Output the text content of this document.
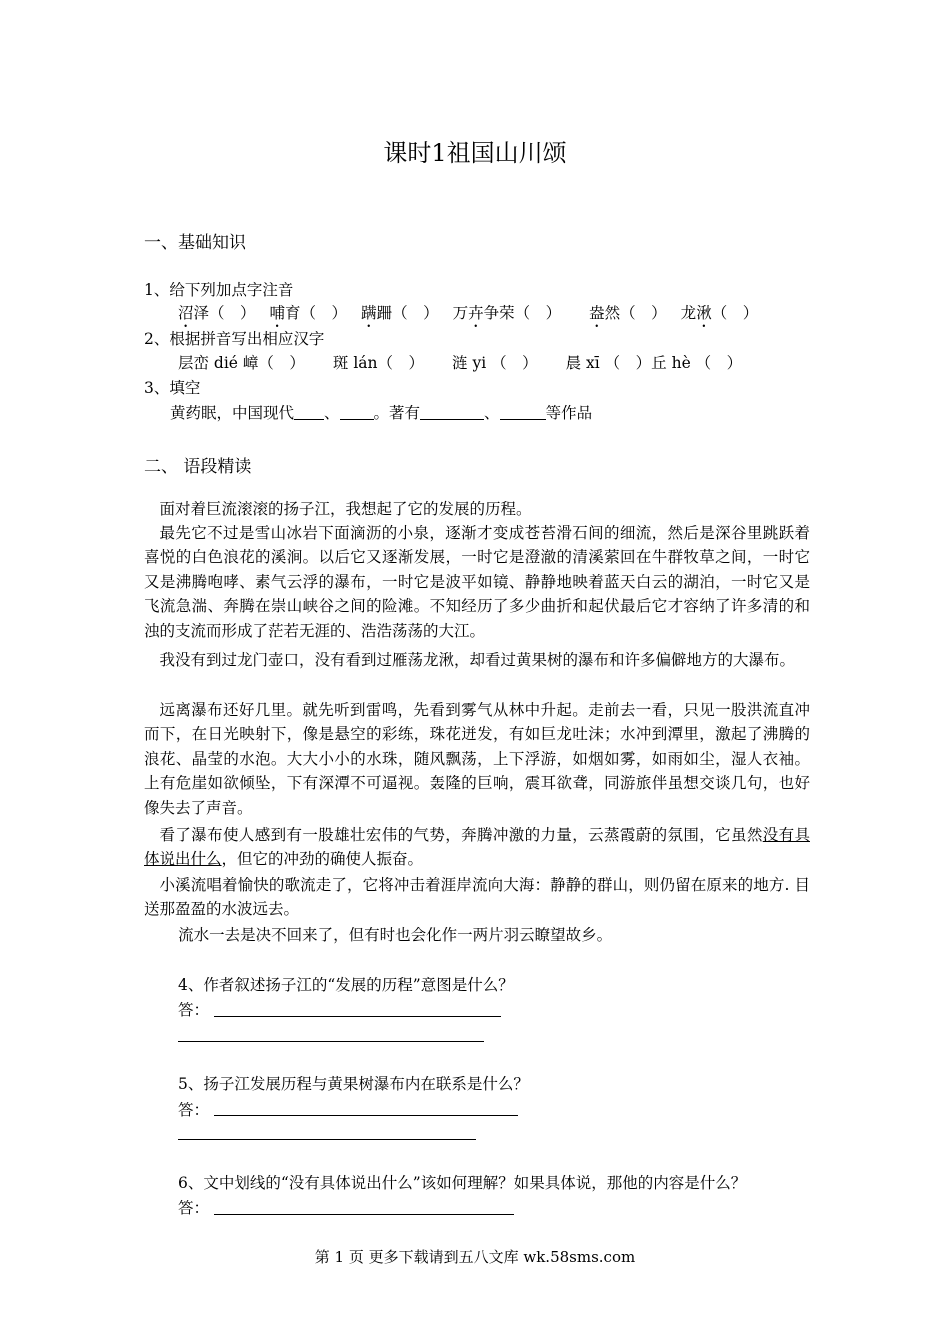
课时1祖国山川颂
一、基础知识
1、给下列加点字注音
沼泽（　） 哺育（　） 蹒跚（　） 万卉争荣（　） 盎然（　） 龙湫（　）
2、根据拼音写出相应汉字
层峦 dié 嶂（　） 斑 lán（　） 涟 yi （　） 晨 xī （　）丘 hè （　）
3、填空
黄药眠，中国现代 、 。著有	、	等作品
二、 语段精读
面对着巨流滚滚的扬子江，我想起了它的发展的历程。
最先它不过是雪山冰岩下面滴沥的小泉，逐渐才变成苍苔滑石间的细流，然后是深谷里跳跃着喜悦的白色浪花的溪涧。以后它又逐渐发展，一时它是澄澈的清溪萦回在牛群牧草之间，一时它又是沸腾咆哮、素气云浮的瀑布，一时它是波平如镜、静静地映着蓝天白云的湖泊，一时它又是飞流急湍、奔腾在崇山峡谷之间的险滩。不知经历了多少曲折和起伏最后它才容纳了许多清的和浊的支流而形成了茫若无涯的、浩浩荡荡的大江。
我没有到过龙门壶口，没有看到过雁荡龙湫，却看过黄果树的瀑布和许多偏僻地方的大瀑布。
远离瀑布还好几里。就先听到雷鸣，先看到雾气从林中升起。走前去一看，只见一股洪流直冲而下，在日光映射下，像是悬空的彩练，珠花迸发，有如巨龙吐沫；水冲到潭里，激起了沸腾的浪花、晶莹的水泡。大大小小的水珠，随风飘荡，上下浮游，如烟如雾，如雨如尘，湿人衣袖。上有危崖如欲倾坠，下有深潭不可逼视。轰隆的巨响，震耳欲聋，同游旅伴虽想交谈几句，也好像失去了声音。
看了瀑布使人感到有一股雄壮宏伟的气势，奔腾冲激的力量，云蒸霞蔚的氛围，它虽然没有具体说出什么，但它的冲劲的确使人振奋。
小溪流唱着愉快的歌流走了，它将冲击着涯岸流向大海：静静的群山，则仍留在原来的地方. 目送那盈盈的水波远去。
流水一去是决不回来了，但有时也会化作一两片羽云瞭望故乡。
4、作者叙述扬子江的“发展的历程”意图是什么？
答：
5、扬子江发展历程与黄果树瀑布内在联系是什么？
答：
6、文中划线的“没有具体说出什么”该如何理解？如果具体说，那他的内容是什么？
答：
第 1 页 更多下载请到五八文库 wk.58sms.com
